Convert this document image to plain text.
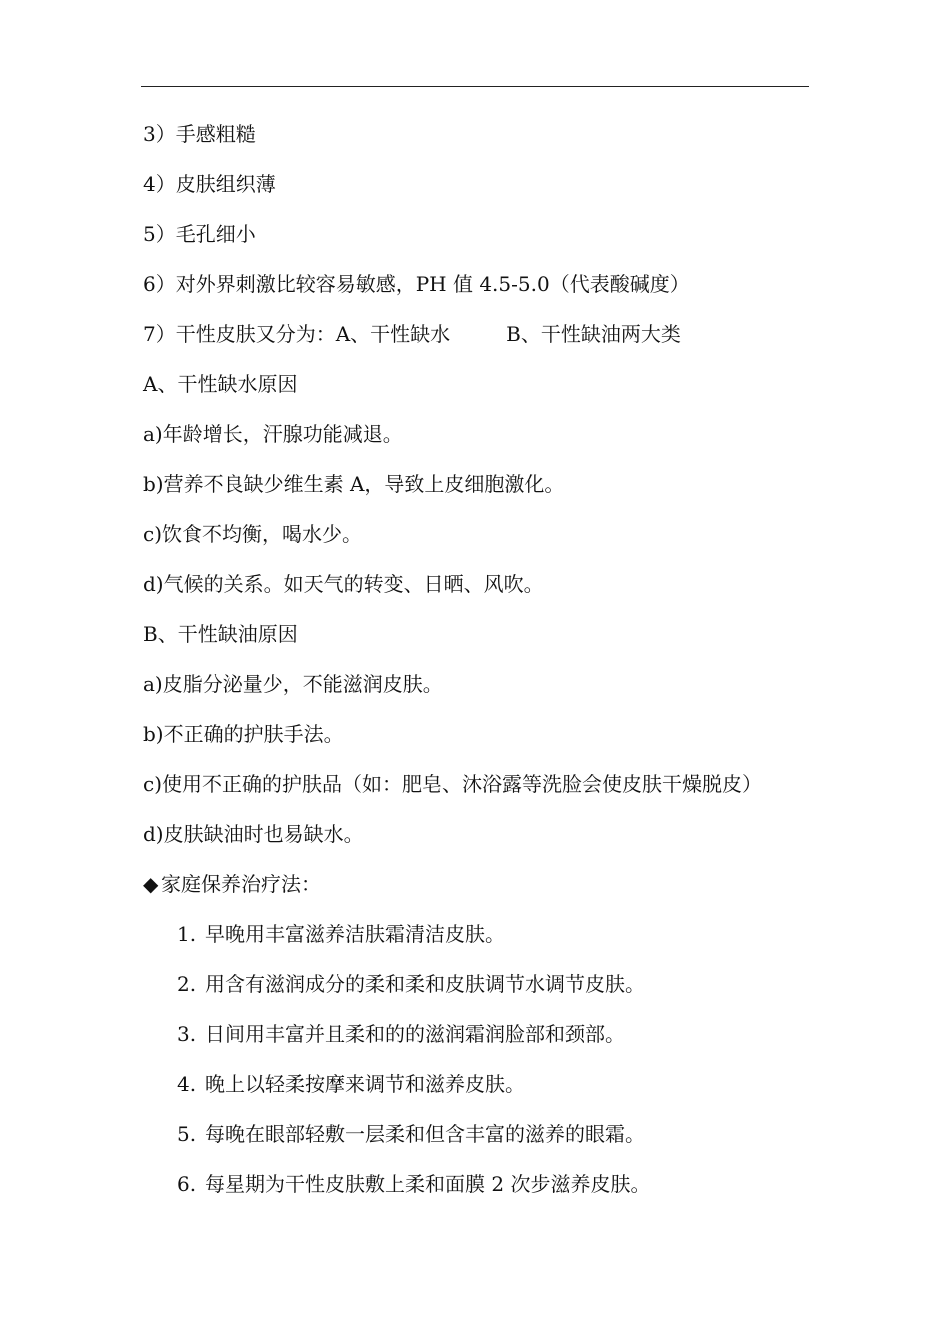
3）手感粗糙
4）皮肤组织薄
5）毛孔细小
6）对外界刺激比较容易敏感，PH 值 4.5-5.0（代表酸碱度）
7）干性皮肤又分为：A、干性缺水	B、干性缺油两大类
A、干性缺水原因
a)年龄增长，汗腺功能减退。
b)营养不良缺少维生素 A，导致上皮细胞激化。
c)饮食不均衡，喝水少。
d)气候的关系。如天气的转变、日晒、风吹。
B、干性缺油原因
a)皮脂分泌量少，不能滋润皮肤。
b)不正确的护肤手法。
c)使用不正确的护肤品（如：肥皂、沐浴露等洗脸会使皮肤干燥脱皮）
d)皮肤缺油时也易缺水。
◆ 家庭保养治疗法：
1. 早晚用丰富滋养洁肤霜清洁皮肤。
2. 用含有滋润成分的柔和柔和皮肤调节水调节皮肤。
3. 日间用丰富并且柔和的的滋润霜润脸部和颈部。
4. 晚上以轻柔按摩来调节和滋养皮肤。
5. 每晚在眼部轻敷一层柔和但含丰富的滋养的眼霜。
6. 每星期为干性皮肤敷上柔和面膜 2 次步滋养皮肤。
